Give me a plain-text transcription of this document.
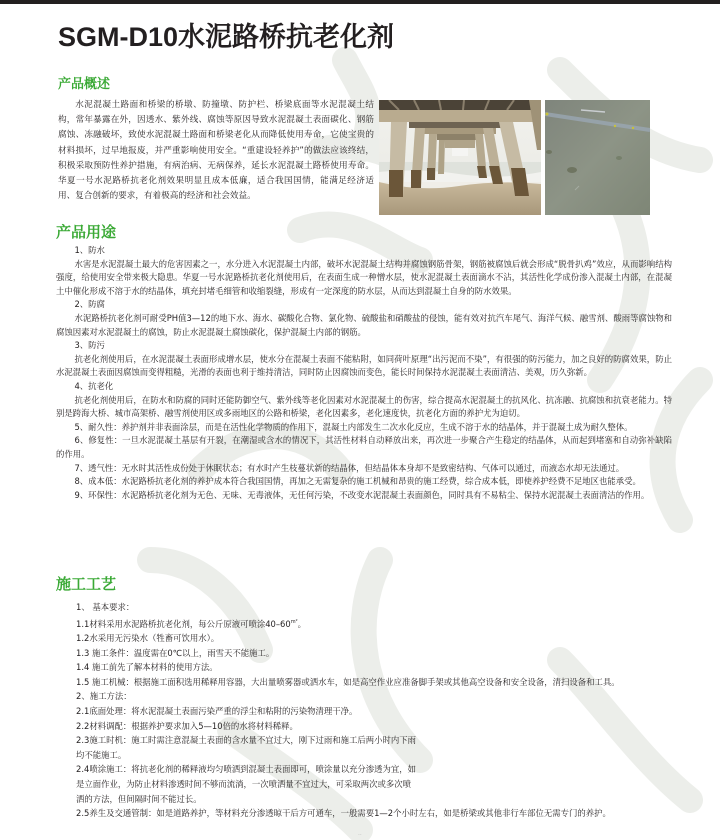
SGM-D10水泥路桥抗老化剂
产品概述

水泥混凝土路面和桥梁的桥墩、防撞墩、防护栏、桥梁底面等水泥混凝土结构，常年暴露在外，因透水、紫外线、腐蚀等原因导致水泥混凝土表面碳化、钢筋腐蚀、冻融破坏，致使水泥混凝土路面和桥梁老化从而降低使用寿命，它使宝贵的材料损坏，过早地报废，并严重影响使用安全。“重建设轻养护”的做法应该终结，积极采取预防性养护措施，有病治病、无病保养，延长水泥混凝土路桥使用寿命。华夏一号水泥路桥抗老化剂效果明显且成本低廉，适合我国国情，能满足经济适用、复合创新的要求，有着极高的经济和社会效益。

产品用途

1、防水

水害是水泥混凝土最大的危害因素之一，水分进入水泥混凝土内部，破坏水泥混凝土结构并腐蚀钢筋骨架，钢筋被腐蚀后就会形成“脱骨扒鸡”效应，从而影响结构强度，给使用安全带来极大隐患。华夏一号水泥路桥抗老化剂使用后，在表面生成一种憎水层，使水泥混凝土表面滴水不沾，其活性化学成份渗入混凝土内部，在混凝土中催化形成不溶于水的结晶体，填充封堵毛细管和收缩裂缝，形成有一定深度的防水层，从而达到混凝土自身的防水效果。

2、防腐

水泥路桥抗老化剂可耐受PH值3—12的地下水、海水、碳酸化合物、氯化物、硫酸盐和硝酸盐的侵蚀，能有效对抗汽车尾气、海洋气候、融雪剂、酸雨等腐蚀物和腐蚀因素对水泥混凝土的腐蚀，防止水泥混凝土腐蚀碳化，保护混凝土内部的钢筋。

3、防污

抗老化剂使用后，在水泥混凝土表面形成增水层，使水分在混凝土表面不能粘附，如同荷叶原理“出污泥而不染”，有很强的防污能力，加之良好的防腐效果，防止水泥混凝土表面因腐蚀而变得粗糙，光滑的表面也利于维持清洁，同时防止因腐蚀而变色，能长时间保持水泥混凝土表面清洁、美观，历久弥新。

4、抗老化

抗老化剂使用后，在防水和防腐的同时还能防御空气、紫外线等老化因素对水泥混凝土的伤害，综合提高水泥混凝土的抗风化、抗冻融、抗腐蚀和抗衰老能力。特别是跨海大桥、城市高架桥、融雪剂使用区或多雨地区的公路和桥梁，老化因素多，老化速度快，抗老化方面的养护尤为迫切。

5、耐久性：养护剂并非表面涂层，而是在活性化学物质的作用下，混凝土内部发生二次水化反应，生成不溶于水的结晶体，并于混凝土成为耐久整体。

6、修复性：一旦水泥混凝土基层有开裂，在潮湿或含水的情况下，其活性材料自动释放出来，再次进一步聚合产生稳定的结晶体，从而起到堵塞和自动弥补缺陷的作用。

7、透气性：无水时其活性成份处于休眠状态；有水时产生枝蔓状新的结晶体，但结晶体本身却不是致密结构、气体可以通过，而液态水却无法通过。

8、成本低：水泥路桥抗老化剂的养护成本符合我国国情，再加之无需复杂的施工机械和昂贵的施工经费，综合成本低，即使养护经费不足地区也能承受。

9、环保性：水泥路桥抗老化剂为无色、无味、无毒液体，无任何污染，不改变水泥混凝土表面颜色，同时具有不易粘尘、保持水泥混凝土表面清洁的作用。

施工工艺

1、 基本要求：

1.1材料采用水泥路桥抗老化剂，每公斤原液可喷涂$40-60^{m^2}$。

1.2水采用无污染水（牲畜可饮用水）。

1.3 施工条件：温度需在0℃以上，雨雪天不能施工。

1.4 施工前先了解本材料的使用方法。

1.5 施工机械：根据施工面积选用稀释用容器，大出量喷雾器或洒水车，如是高空作业应准备脚手架或其他高空设备和安全设备，清扫设备和工具。

2、施工方法：

2.1底面处理：将水泥混凝土表面污染严重的浮尘和粘附的污染物清理干净。

2.2材料调配：根据养护要求加入5—10倍的水将材料稀释。

2.3施工时机：施工时需注意混凝土表面的含水量不宜过大，刚下过雨和施工后两小时内下雨均不能施工。

2.4喷涂施工：将抗老化剂的稀释液均匀喷洒到混凝土表面即可，喷涂量以充分渗透为宜，如是立面作业，为防止材料渗透时间不够而流淌，一次喷洒量不宜过大，可采取两次或多次喷洒的方法，但间隔时间不能过长。

2.5养生及交通管制：如是道路养护，等材料充分渗透晾干后方可通车，一般需要1—2个小时左右，如是桥梁或其他非行车部位无需专门的养护。

··
